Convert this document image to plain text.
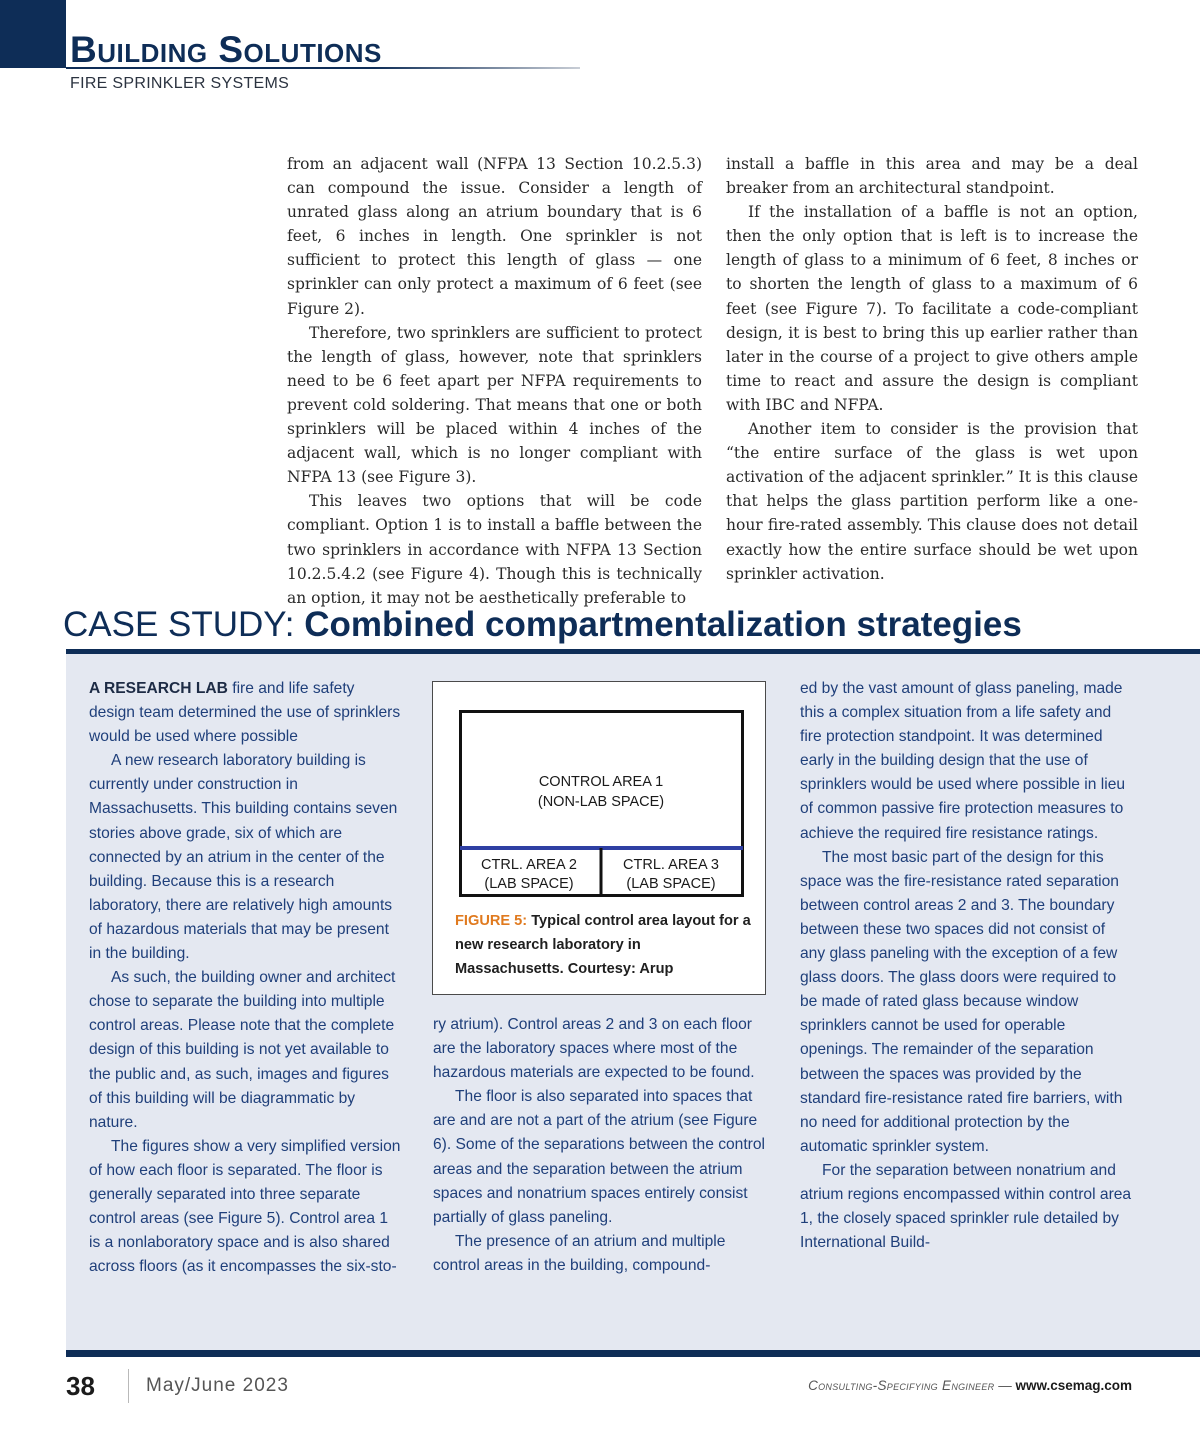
Building Solutions
FIRE SPRINKLER SYSTEMS

from an adjacent wall (NFPA 13 Section 10.2.5.3) can compound the issue. Consider a length of unrated glass along an atrium boundary that is 6 feet, 6 inches in length. One sprinkler is not sufficient to protect this length of glass — one sprinkler can only protect a maximum of 6 feet (see Figure 2).

Therefore, two sprinklers are sufficient to protect the length of glass, however, note that sprinklers need to be 6 feet apart per NFPA requirements to prevent cold soldering. That means that one or both sprinklers will be placed within 4 inches of the adjacent wall, which is no longer compliant with NFPA 13 (see Figure 3).

This leaves two options that will be code compliant. Option 1 is to install a baffle between the two sprinklers in accordance with NFPA 13 Section 10.2.5.4.2 (see Figure 4). Though this is technically an option, it may not be aesthetically preferable to

install a baffle in this area and may be a deal breaker from an architectural standpoint.

If the installation of a baffle is not an option, then the only option that is left is to increase the length of glass to a minimum of 6 feet, 8 inches or to shorten the length of glass to a maximum of 6 feet (see Figure 7). To facilitate a code-compliant design, it is best to bring this up earlier rather than later in the course of a project to give others ample time to react and assure the design is compliant with IBC and NFPA.

Another item to consider is the provision that “the entire surface of the glass is wet upon activation of the adjacent sprinkler.” It is this clause that helps the glass partition perform like a one-hour fire-rated assembly. This clause does not detail exactly how the entire surface should be wet upon sprinkler activation.

CASE STUDY: Combined compartmentalization strategies

A RESEARCH LAB fire and life safety design team determined the use of sprinklers would be used where possible

A new research laboratory building is currently under construction in Massachusetts. This building contains seven stories above grade, six of which are connected by an atrium in the center of the building. Because this is a research laboratory, there are relatively high amounts of hazardous materials that may be present in the building.

As such, the building owner and architect chose to separate the building into multiple control areas. Please note that the complete design of this building is not yet available to the public and, as such, images and figures of this building will be diagrammatic by nature.

The figures show a very simplified version of how each floor is separated. The floor is generally separated into three separate control areas (see Figure 5). Control area 1 is a nonlaboratory space and is also shared across floors (as it encompasses the six-sto-

CONTROL AREA 1
(NON-LAB SPACE)
CTRL. AREA 2
(LAB SPACE)
CTRL. AREA 3
(LAB SPACE)
FIGURE 5: Typical control area layout for a new research laboratory in Massachusetts. Courtesy: Arup

ry atrium). Control areas 2 and 3 on each floor are the laboratory spaces where most of the hazardous materials are expected to be found.

The floor is also separated into spaces that are and are not a part of the atrium (see Figure 6). Some of the separations between the control areas and the separation between the atrium spaces and nonatrium spaces entirely consist partially of glass paneling.

The presence of an atrium and multiple control areas in the building, compound-

ed by the vast amount of glass paneling, made this a complex situation from a life safety and fire protection standpoint. It was determined early in the building design that the use of sprinklers would be used where possible in lieu of common passive fire protection measures to achieve the required fire resistance ratings.

The most basic part of the design for this space was the fire-resistance rated separation between control areas 2 and 3. The boundary between these two spaces did not consist of any glass paneling with the exception of a few glass doors. The glass doors were required to be made of rated glass because window sprinklers cannot be used for operable openings. The remainder of the separation between the spaces was provided by the standard fire-resistance rated fire barriers, with no need for additional protection by the automatic sprinkler system.

For the separation between nonatrium and atrium regions encompassed within control area 1, the closely spaced sprinkler rule detailed by International Build-

38	May/June 2023	Consulting-Specifying Engineer — www.csemag.com
